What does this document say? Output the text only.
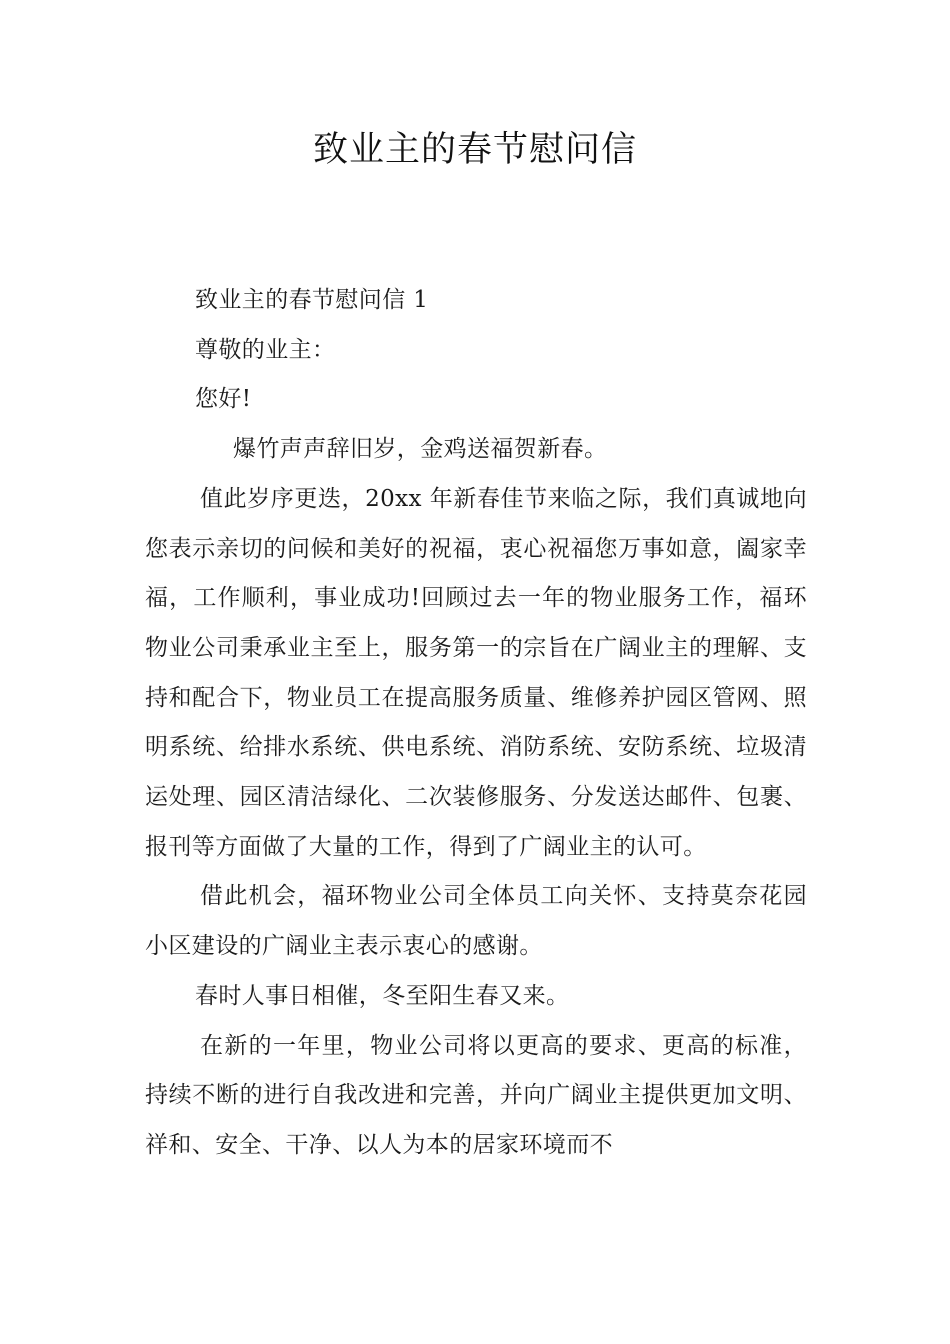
致业主的春节慰问信

致业主的春节慰问信 1

尊敬的业主：

您好!

爆竹声声辞旧岁，金鸡送福贺新春。

值此岁序更迭，20xx 年新春佳节来临之际，我们真诚地向您表示亲切的问候和美好的祝福，衷心祝福您万事如意，阖家幸福，工作顺利，事业成功!回顾过去一年的物业服务工作，福环物业公司秉承业主至上，服务第一的宗旨在广阔业主的理解、支持和配合下，物业员工在提高服务质量、维修养护园区管网、照明系统、给排水系统、供电系统、消防系统、安防系统、垃圾清运处理、园区清洁绿化、二次装修服务、分发送达邮件、包裹、报刊等方面做了大量的工作，得到了广阔业主的认可。

借此机会，福环物业公司全体员工向关怀、支持莫奈花园小区建设的广阔业主表示衷心的感谢。

春时人事日相催，冬至阳生春又来。

在新的一年里，物业公司将以更高的要求、更高的标准，持续不断的进行自我改进和完善，并向广阔业主提供更加文明、祥和、安全、干净、以人为本的居家环境而不
